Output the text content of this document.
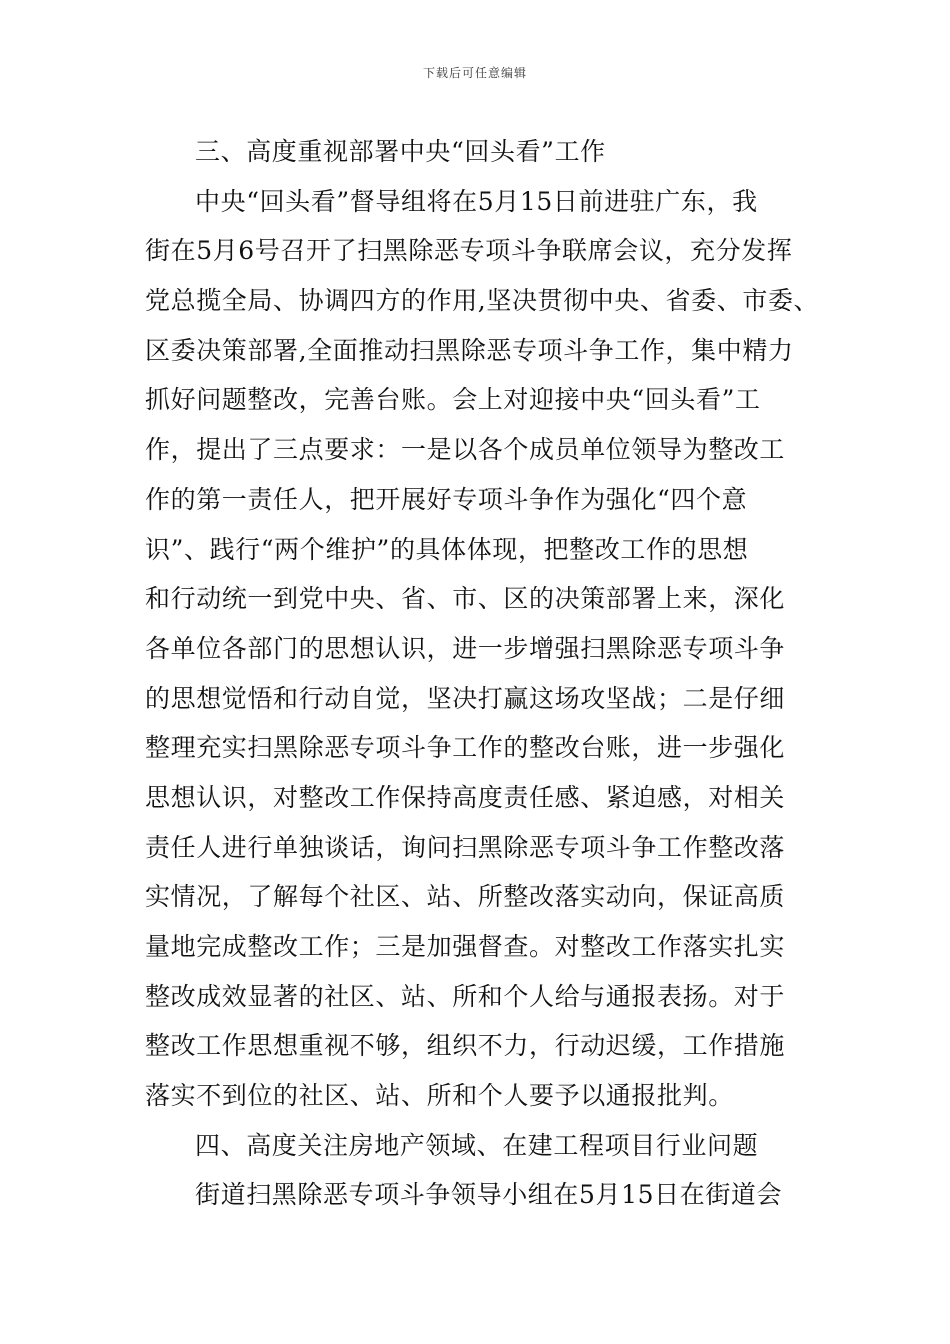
下载后可任意编辑
三、高度重视部署中央“回头看”工作
中央“回头看”督导组将在5月15日前进驻广东，我
街在5月6号召开了扫黑除恶专项斗争联席会议，充分发挥
党总揽全局、协调四方的作用,坚决贯彻中央、省委、市委、
区委决策部署,全面推动扫黑除恶专项斗争工作，集中精力
抓好问题整改，完善台账。会上对迎接中央“回头看”工
作，提出了三点要求：一是以各个成员单位领导为整改工
作的第一责任人，把开展好专项斗争作为强化“四个意
识”、践行“两个维护”的具体体现，把整改工作的思想
和行动统一到党中央、省、市、区的决策部署上来，深化
各单位各部门的思想认识，进一步增强扫黑除恶专项斗争
的思想觉悟和行动自觉，坚决打赢这场攻坚战；二是仔细
整理充实扫黑除恶专项斗争工作的整改台账，进一步强化
思想认识，对整改工作保持高度责任感、紧迫感，对相关
责任人进行单独谈话，询问扫黑除恶专项斗争工作整改落
实情况，了解每个社区、站、所整改落实动向，保证高质
量地完成整改工作；三是加强督查。对整改工作落实扎实
整改成效显著的社区、站、所和个人给与通报表扬。对于
整改工作思想重视不够，组织不力，行动迟缓，工作措施
落实不到位的社区、站、所和个人要予以通报批判。
四、高度关注房地产领域、在建工程项目行业问题
街道扫黑除恶专项斗争领导小组在5月15日在街道会
